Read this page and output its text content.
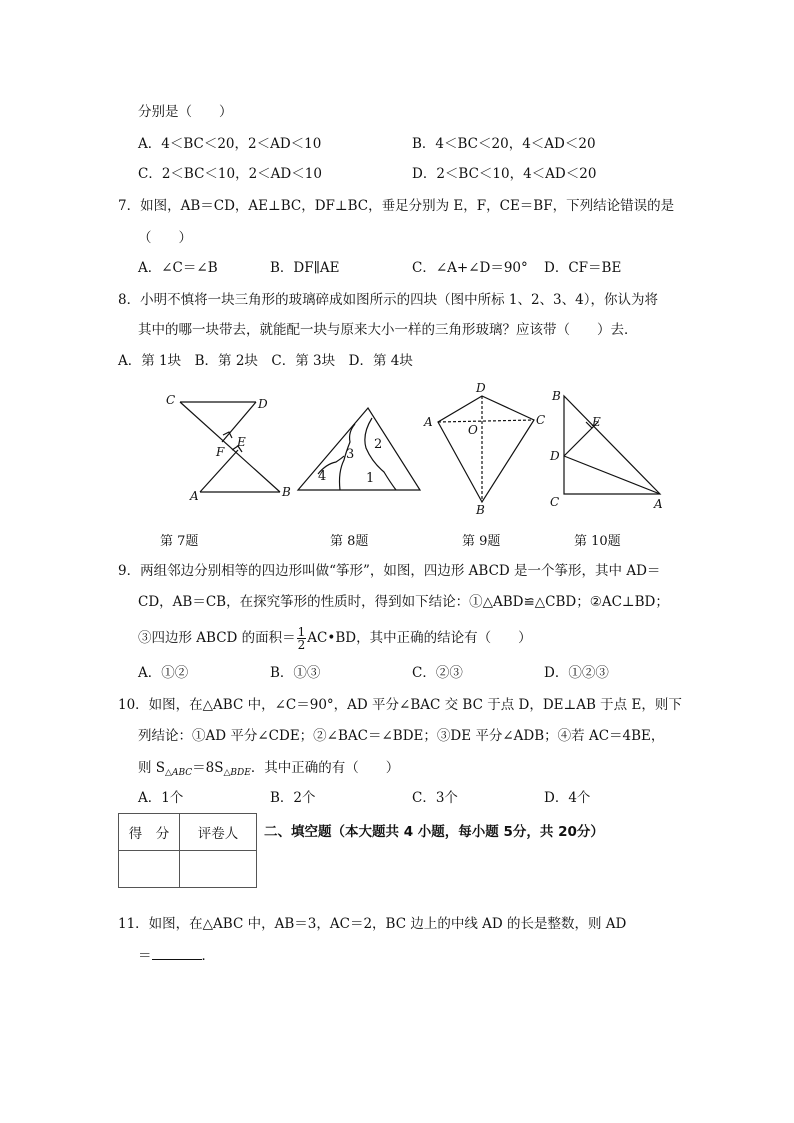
分别是（　　）
A．4＜BC＜20，2＜AD＜10	B．4＜BC＜20，4＜AD＜20
C．2＜BC＜10，2＜AD＜10	D．2＜BC＜10，4＜AD＜20
7．如图，AB＝CD，AE⊥BC，DF⊥BC，垂足分别为 E，F，CE＝BF，下列结论错误的是
（　　）
A．∠C＝∠B	B．DF∥AE	C．∠A+∠D＝90° D．CF＝BE
8．小明不慎将一块三角形的玻璃碎成如图所示的四块（图中所标 1、2、3、4），你认为将
其中的哪一块带去，就能配一块与原来大小一样的三角形玻璃？应该带（　　）去．
A．第 1块　B．第 2块　C．第 3块　D．第 4块
C	D
E
F
A	B
2
3
4	1
D
A	C
O
B
B
E
D
C	A
第 7题	第 8题	第 9题	第 10题
9．两组邻边分别相等的四边形叫做“筝形”，如图，四边形 ABCD 是一个筝形，其中 AD＝
CD，AB＝CB，在探究筝形的性质时，得到如下结论：①△ABD≌△CBD；②AC⊥BD；
③四边形 ABCD 的面积＝ $\frac{1}{2}$ AC•BD，其中正确的结论有（　　）
A．①②	B．①③	C．②③	D．①②③
10．如图，在△ABC 中，∠C＝90°，AD 平分∠BAC 交 BC 于点 D，DE⊥AB 于点 E，则下
列结论：①AD 平分∠CDE；②∠BAC＝∠BDE；③DE 平分∠ADB；④若 AC＝4BE，
则 $S_{\triangle ABC}=8S_{\triangle BDE}$．其中正确的有（　　）
A．1个	B．2个	C．3个	D．4个
得　分	评卷人
	二、填空题（本大题共 4 小题，每小题 5分，共 20分）
11．如图，在△ABC 中，AB＝3，AC＝2，BC 边上的中线 AD 的长是整数，则 AD
＝	．
